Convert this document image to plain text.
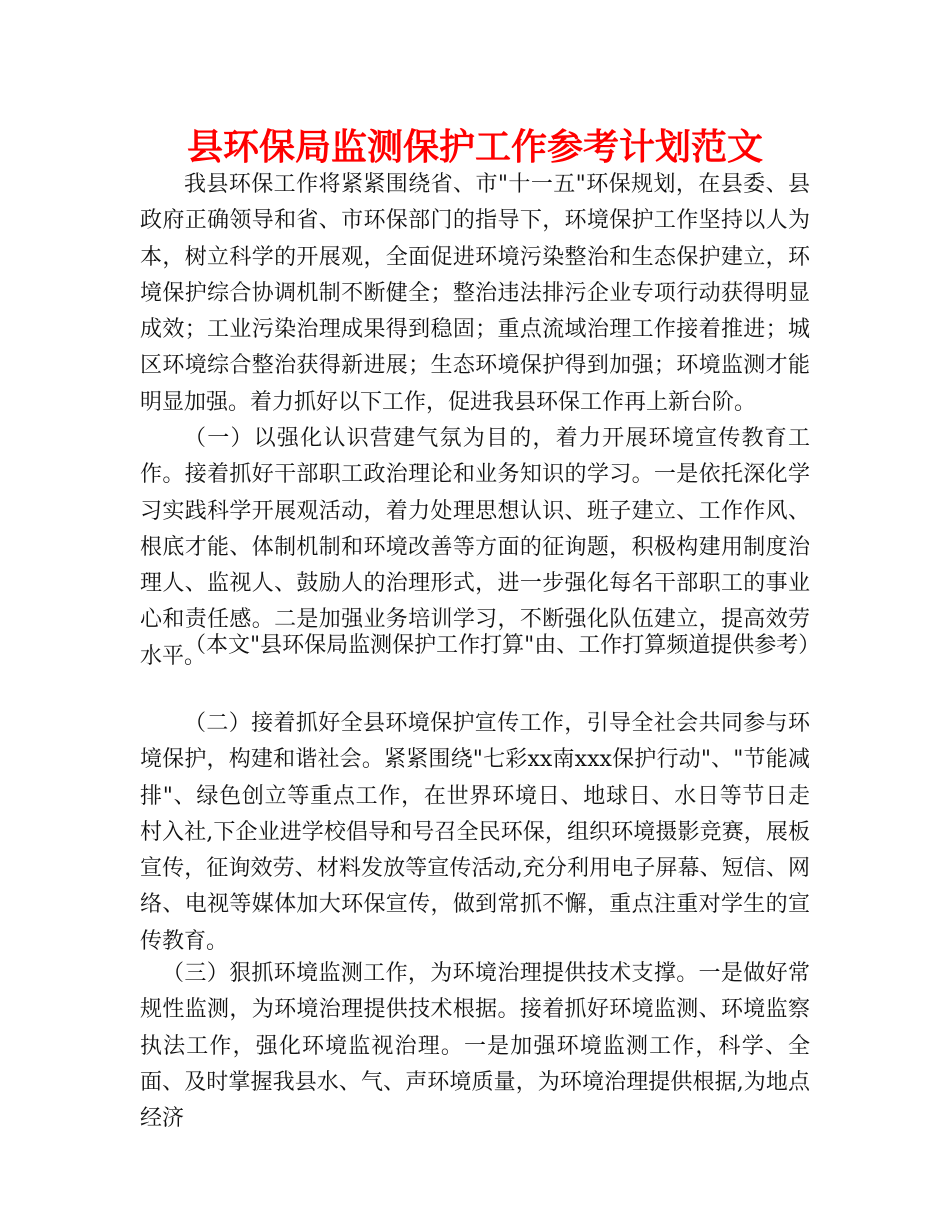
县环保局监测保护工作参考计划范文

我县环保工作将紧紧围绕省、市"十一五"环保规划，在县委、县政府正确领导和省、市环保部门的指导下，环境保护工作坚持以人为本，树立科学的开展观，全面促进环境污染整治和生态保护建立，环境保护综合协调机制不断健全；整治违法排污企业专项行动获得明显成效；工业污染治理成果得到稳固；重点流域治理工作接着推进；城区环境综合整治获得新进展；生态环境保护得到加强；环境监测才能明显加强。着力抓好以下工作，促进我县环保工作再上新台阶。

（一）以强化认识营建气氛为目的，着力开展环境宣传教育工作。接着抓好干部职工政治理论和业务知识的学习。一是依托深化学习实践科学开展观活动，着力处理思想认识、班子建立、工作作风、根底才能、体制机制和环境改善等方面的征询题，积极构建用制度治理人、监视人、鼓励人的治理形式，进一步强化每名干部职工的事业心和责任感。二是加强业务培训学习，不断强化队伍建立，提高效劳水平。

（本文"县环保局监测保护工作打算"由、工作打算频道提供参考）

（二）接着抓好全县环境保护宣传工作，引导全社会共同参与环境保护，构建和谐社会。紧紧围绕"七彩xx南xxx保护行动"、"节能减排"、绿色创立等重点工作，在世界环境日、地球日、水日等节日走村入社,下企业进学校倡导和号召全民环保，组织环境摄影竞赛，展板宣传，征询效劳、材料发放等宣传活动,充分利用电子屏幕、短信、网络、电视等媒体加大环保宣传，做到常抓不懈，重点注重对学生的宣传教育。

（三）狠抓环境监测工作，为环境治理提供技术支撑。一是做好常规性监测，为环境治理提供技术根据。接着抓好环境监测、环境监察执法工作，强化环境监视治理。一是加强环境监测工作，科学、全面、及时掌握我县水、气、声环境质量，为环境治理提供根据,为地点经济
